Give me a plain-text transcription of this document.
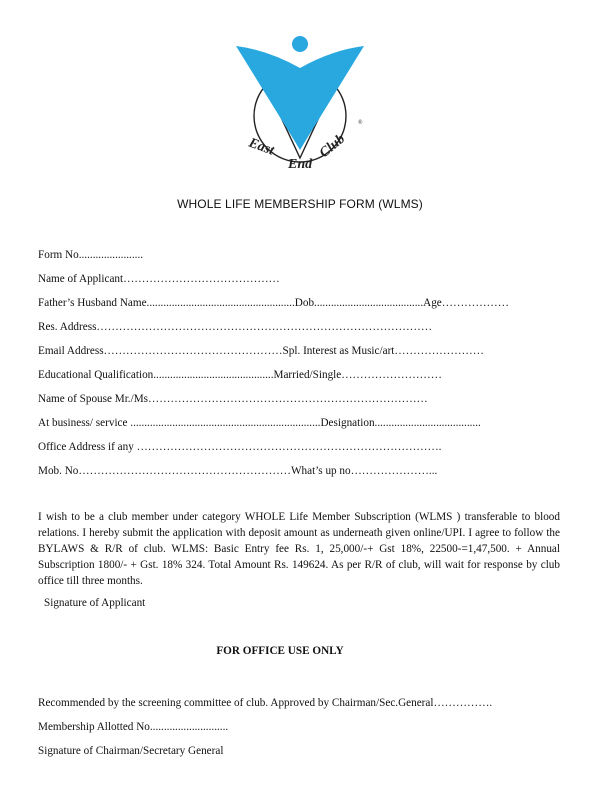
East
End
Club
®
WHOLE LIFE MEMBERSHIP FORM (WLMS)
Form No.......................
Name of Applicant……………………………………
Father’s Husband Name.....................................................Dob.......................................Age………………
Res. Address………………………………………………………………………………
Email Address…………………………………………Spl. Interest as Music/art……………………
Educational Qualification...........................................Married/Single………………………
Name of Spouse Mr./Ms…………………………………………………………………
At business/ service ....................................................................Designation......................................
Office Address if any ……………………………………………………………………….
Mob. No…………………………………………………What’s up no…………………...
I wish to be a club member under category WHOLE Life Member Subscription (WLMS ) transferable to blood relations. I hereby submit the application with deposit amount as underneath given online/UPI. I agree to follow the BYLAWS & R/R of club. WLMS: Basic Entry fee Rs. 1, 25,000/-+ Gst 18%, 22500-=1,47,500. + Annual Subscription 1800/- + Gst. 18% 324. Total Amount Rs. 149624. As per R/R of club, will wait for response by club office till three months.
Signature of Applicant
FOR OFFICE USE ONLY
Recommended by the screening committee of club. Approved by Chairman/Sec.General…………….
Membership Allotted No............................
Signature of Chairman/Secretary General
